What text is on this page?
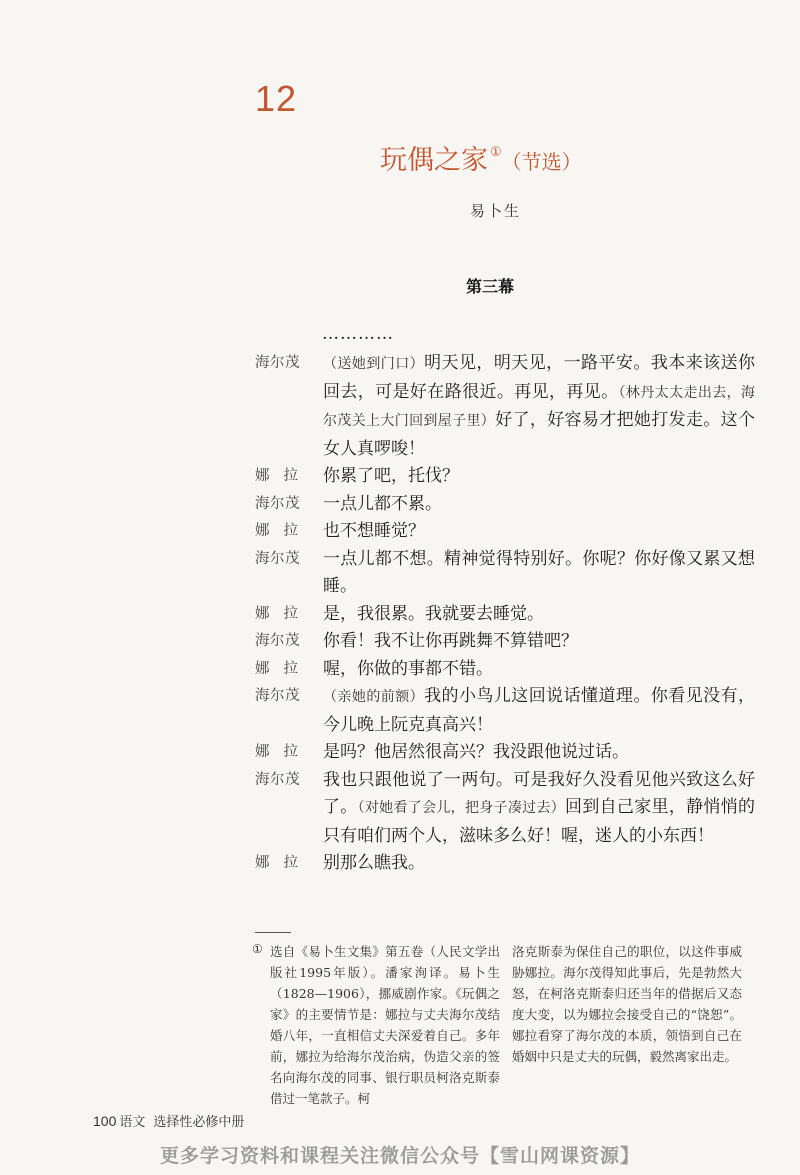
12
玩偶之家 ①（节选）
易卜生
第三幕
…………
海尔茂	（送她到门口）明天见，明天见，一路平安。我本来该送你回去，可是好在路很近。再见，再见。（林丹太太走出去，海尔茂关上大门回到屋子里）好了，好容易才把她打发走。这个女人真啰唆！
娜拉 你累了吧，托伐？
海尔茂	一点儿都不累。
娜拉 也不想睡觉？
海尔茂	一点儿都不想。精神觉得特别好。你呢？你好像又累又想睡。
娜拉 是，我很累。我就要去睡觉。
海尔茂	你看！我不让你再跳舞不算错吧？
娜拉 喔，你做的事都不错。
海尔茂	（亲她的前额）我的小鸟儿这回说话懂道理。你看见没有，今儿晚上阮克真高兴！
娜拉 是吗？他居然很高兴？我没跟他说过话。
海尔茂	我也只跟他说了一两句。可是我好久没看见他兴致这么好了。（对她看了会儿，把身子凑过去）回到自己家里，静悄悄的只有咱们两个人，滋味多么好！喔，迷人的小东西！
娜拉 别那么瞧我。
① 选自《易卜生文集》第五卷（人民文学出版社1995年版）。潘家洵译。易卜生（1828—1906），挪威剧作家。《玩偶之家》的主要情节是：娜拉与丈夫海尔茂结婚八年，一直相信丈夫深爱着自己。多年前，娜拉为给海尔茂治病，伪造父亲的签名向海尔茂的同事、银行职员柯洛克斯泰借过一笔款子。柯
洛克斯泰为保住自己的职位，以这件事威胁娜拉。海尔茂得知此事后，先是勃然大怒，在柯洛克斯泰归还当年的借据后又态度大变，以为娜拉会接受自己的“饶恕”。娜拉看穿了海尔茂的本质，领悟到自己在婚姻中只是丈夫的玩偶，毅然离家出走。
100 语文 选择性必修中册
更多学习资料和课程关注微信公众号【雪山网课资源】
